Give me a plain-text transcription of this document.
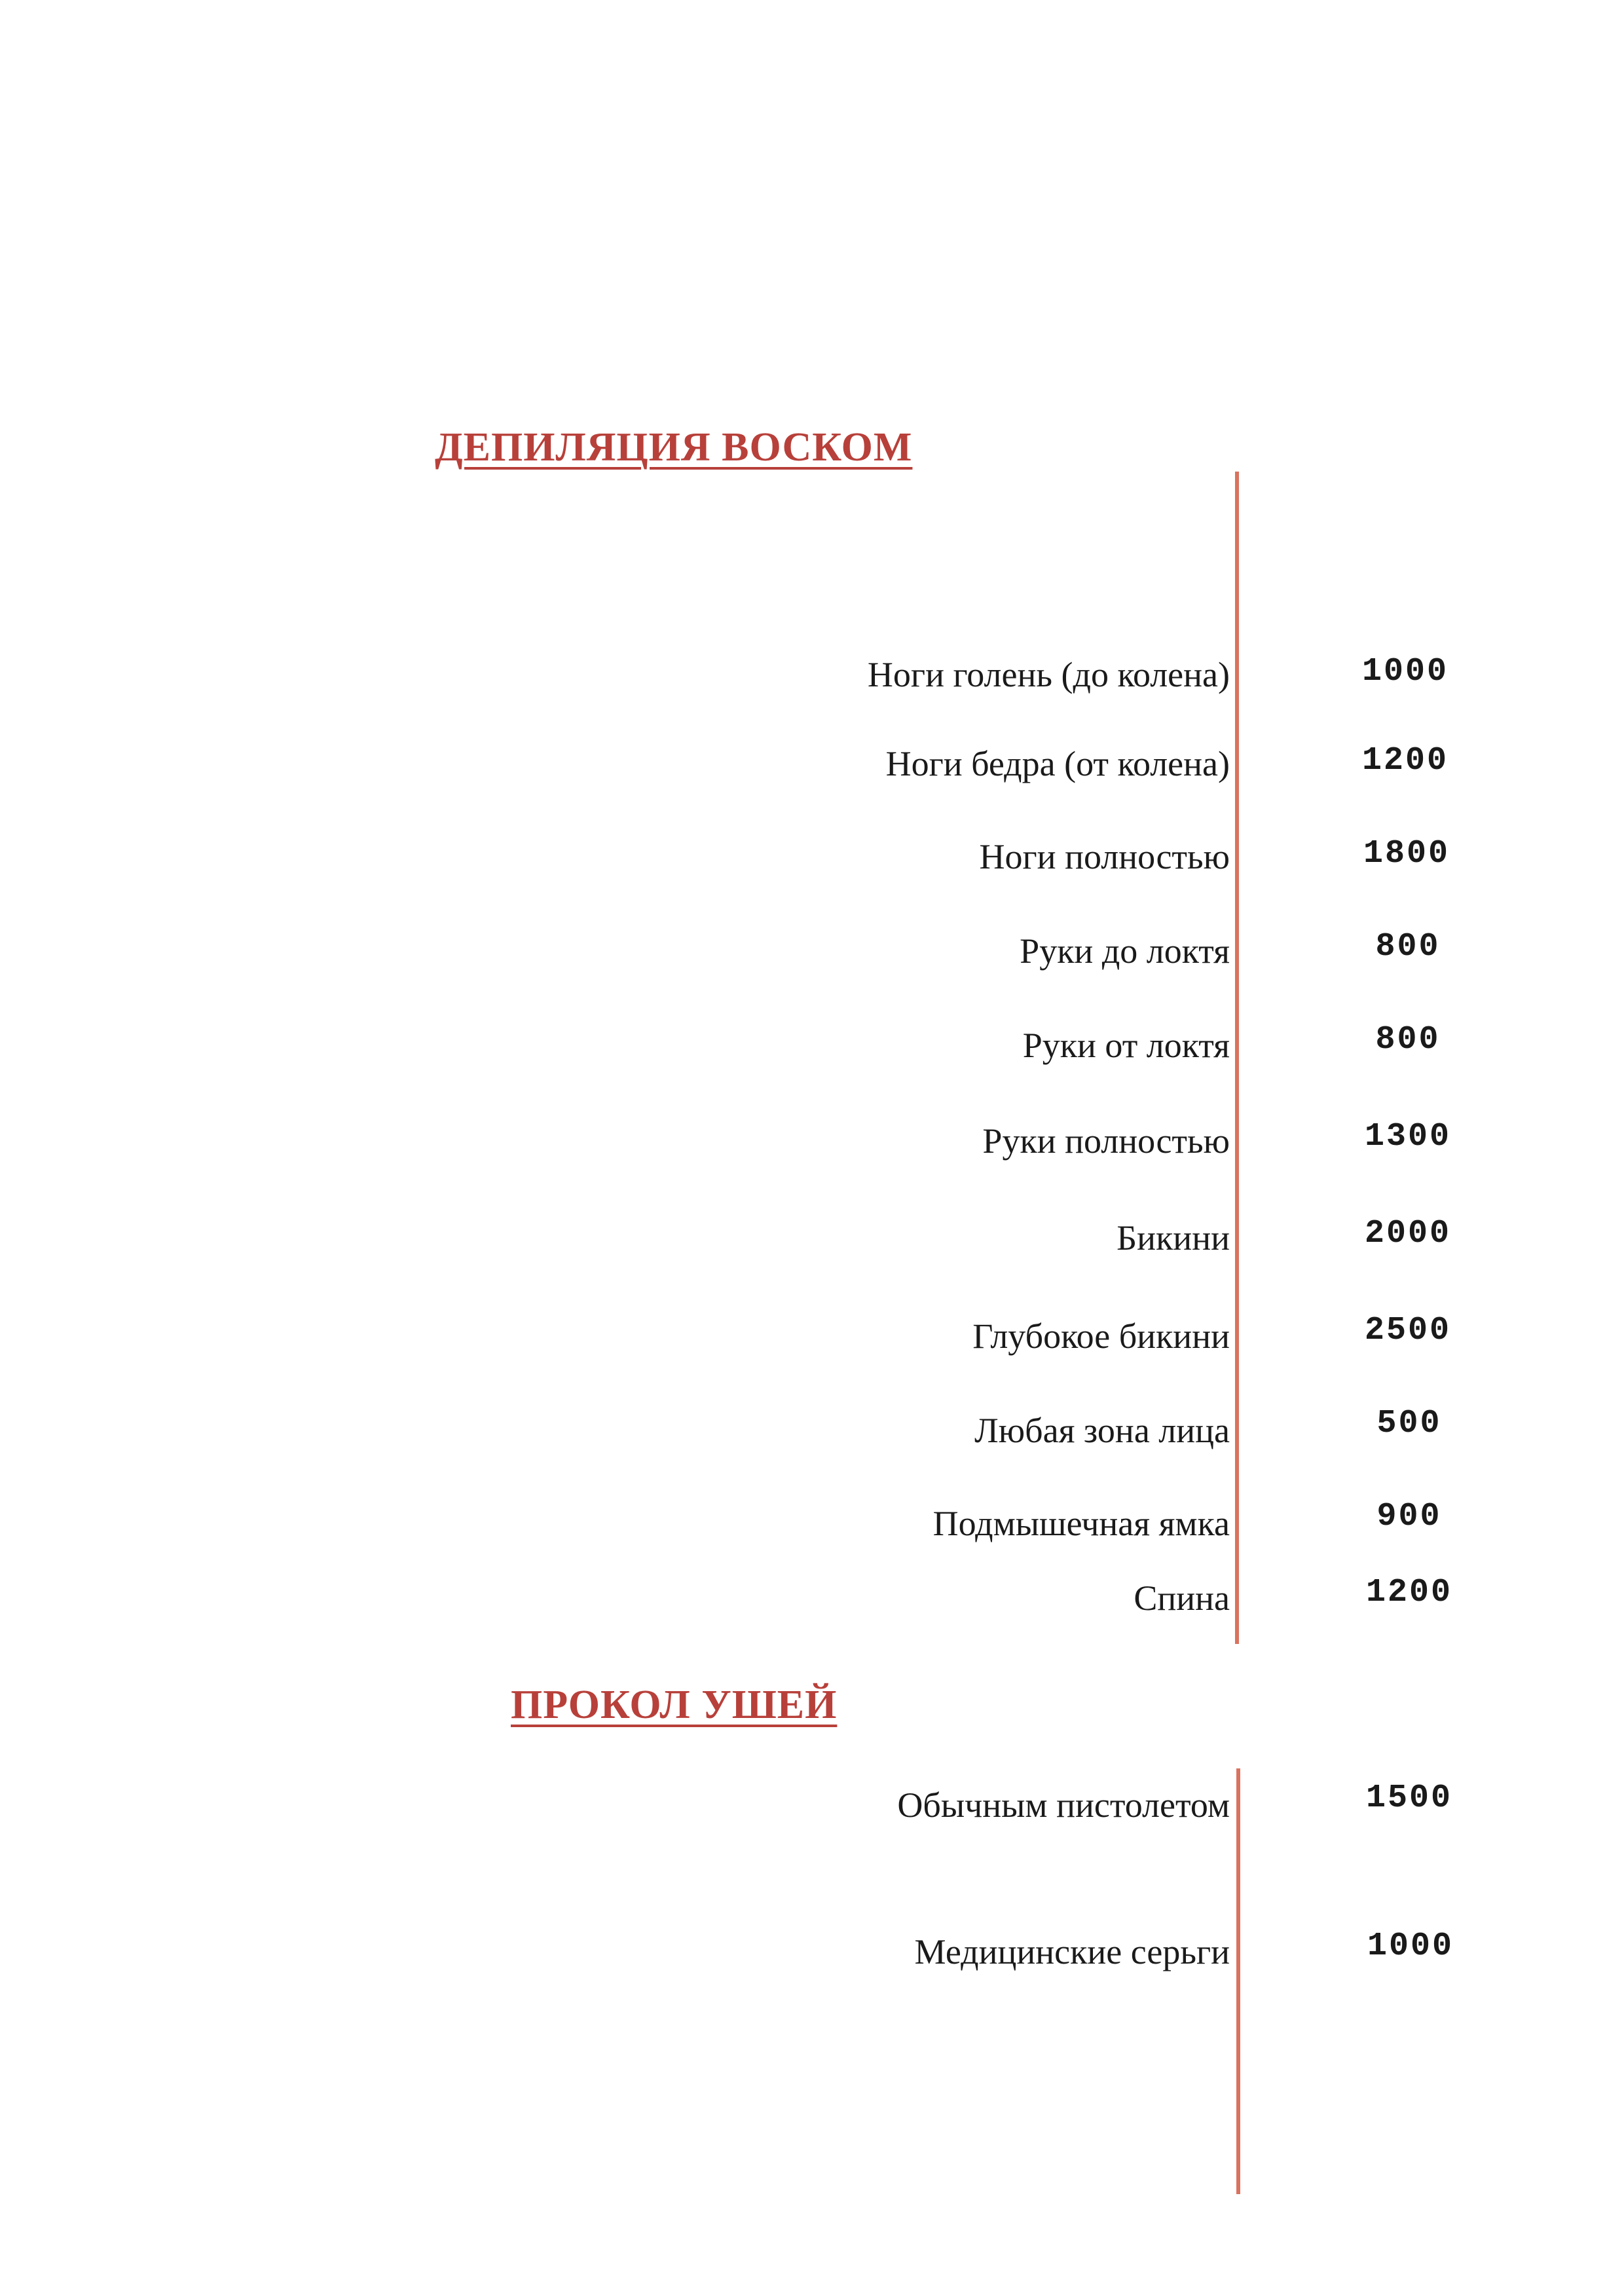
ДЕПИЛЯЦИЯ ВОСКОМ
Ноги голень (до колена)	1000
Ноги бедра (от колена)	1200
Ноги полностью	1800
Руки до локтя	800
Руки от локтя	800
Руки полностью	1300
Бикини	2000
Глубокое бикини	2500
Любая зона лица	500
Подмышечная ямка	900
Спина	1200
ПРОКОЛ УШЕЙ
Обычным пистолетом	1500
Медицинские серьги	1000
